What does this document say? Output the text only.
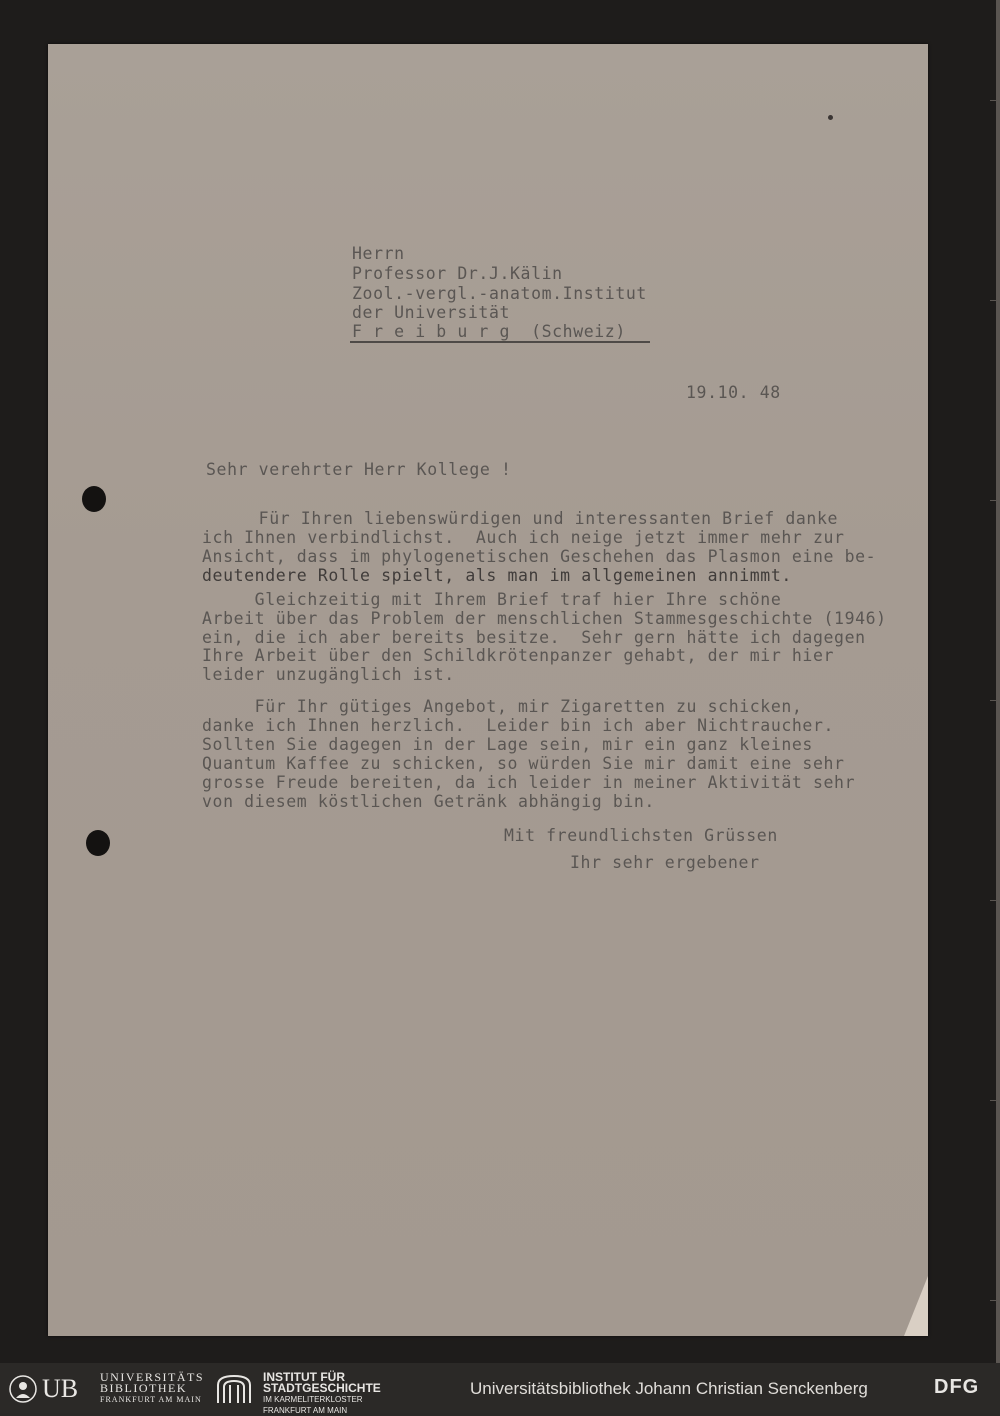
Herrn
Professor Dr.J.Kälin
Zool.-vergl.-anatom.Institut
der Universität
F r e i b u r g  (Schweiz)
19.10. 48
Sehr verehrter Herr Kollege !
Für Ihren liebenswürdigen und interessanten Brief danke
ich Ihnen verbindlichst.  Auch ich neige jetzt immer mehr zur
Ansicht, dass im phylogenetischen Geschehen das Plasmon eine be-
deutendere Rolle spielt, als man im allgemeinen annimmt.
Gleichzeitig mit Ihrem Brief traf hier Ihre schöne
Arbeit über das Problem der menschlichen Stammesgeschichte (1946)
ein, die ich aber bereits besitze.  Sehr gern hätte ich dagegen
Ihre Arbeit über den Schildkrötenpanzer gehabt, der mir hier
leider unzugänglich ist.
Für Ihr gütiges Angebot, mir Zigaretten zu schicken,
danke ich Ihnen herzlich.  Leider bin ich aber Nichtraucher.
Sollten Sie dagegen in der Lage sein, mir ein ganz kleines
Quantum Kaffee zu schicken, so würden Sie mir damit eine sehr
grosse Freude bereiten, da ich leider in meiner Aktivität sehr
von diesem köstlichen Getränk abhängig bin.
Mit freundlichsten Grüssen
Ihr sehr ergebener
UB UNIVERSITÄTS
BIBLIOTHEK
FRANKFURT AM MAIN
INSTITUT FÜR
STADTGESCHICHTE
IM KARMELITERKLOSTER
FRANKFURT AM MAIN
Universitätsbibliothek Johann Christian Senckenberg	DFG
